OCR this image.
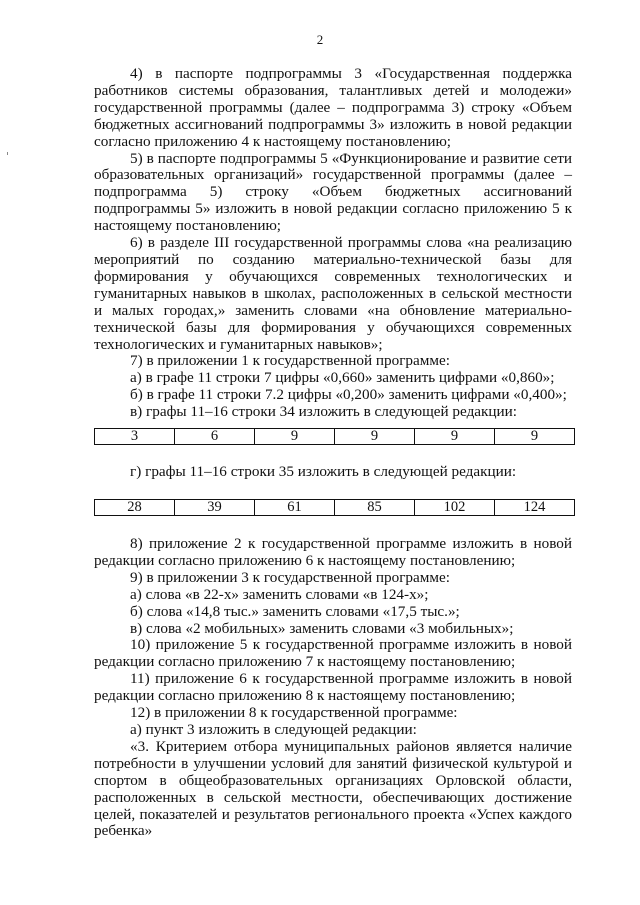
2

4) в паспорте подпрограммы 3 «Государственная поддержка работников системы образования, талантливых детей и молодежи» государственной программы (далее – подпрограмма 3) строку «Объем бюджетных ассигнований подпрограммы 3» изложить в новой редакции согласно приложению 4 к настоящему постановлению;

5) в паспорте подпрограммы 5 «Функционирование и развитие сети образовательных организаций» государственной программы (далее – подпрограмма 5) строку «Объем бюджетных ассигнований подпрограммы 5» изложить в новой редакции согласно приложению 5 к настоящему постановлению;

6) в разделе III государственной программы слова «на реализацию мероприятий по созданию материально-технической базы для формирования у обучающихся современных технологических и гуманитарных навыков в школах, расположенных в сельской местности и малых городах,» заменить словами «на обновление материально-технической базы для формирования у обучающихся современных технологических и гуманитарных навыков»;

7) в приложении 1 к государственной программе:

а) в графе 11 строки 7 цифры «0,660» заменить цифрами «0,860»;

б) в графе 11 строки 7.2 цифры «0,200» заменить цифрами «0,400»;

в) графы 11–16 строки 34 изложить в следующей редакции:

3	6	9	9	9	9

г) графы 11–16 строки 35 изложить в следующей редакции:

28	39	61	85	102	124

8) приложение 2 к государственной программе изложить в новой редакции согласно приложению 6 к настоящему постановлению;

9) в приложении 3 к государственной программе:

а) слова «в 22-х» заменить словами «в 124-х»;

б) слова «14,8 тыс.» заменить словами «17,5 тыс.»;

в) слова «2 мобильных» заменить словами «3 мобильных»;

10) приложение 5 к государственной программе изложить в новой редакции согласно приложению 7 к настоящему постановлению;

11) приложение 6 к государственной программе изложить в новой редакции согласно приложению 8 к настоящему постановлению;

12) в приложении 8 к государственной программе:

а) пункт 3 изложить в следующей редакции:

«3. Критерием отбора муниципальных районов является наличие потребности в улучшении условий для занятий физической культурой и спортом в общеобразовательных организациях Орловской области, расположенных в сельской местности, обеспечивающих достижение целей, показателей и результатов регионального проекта «Успех каждого ребенка»
